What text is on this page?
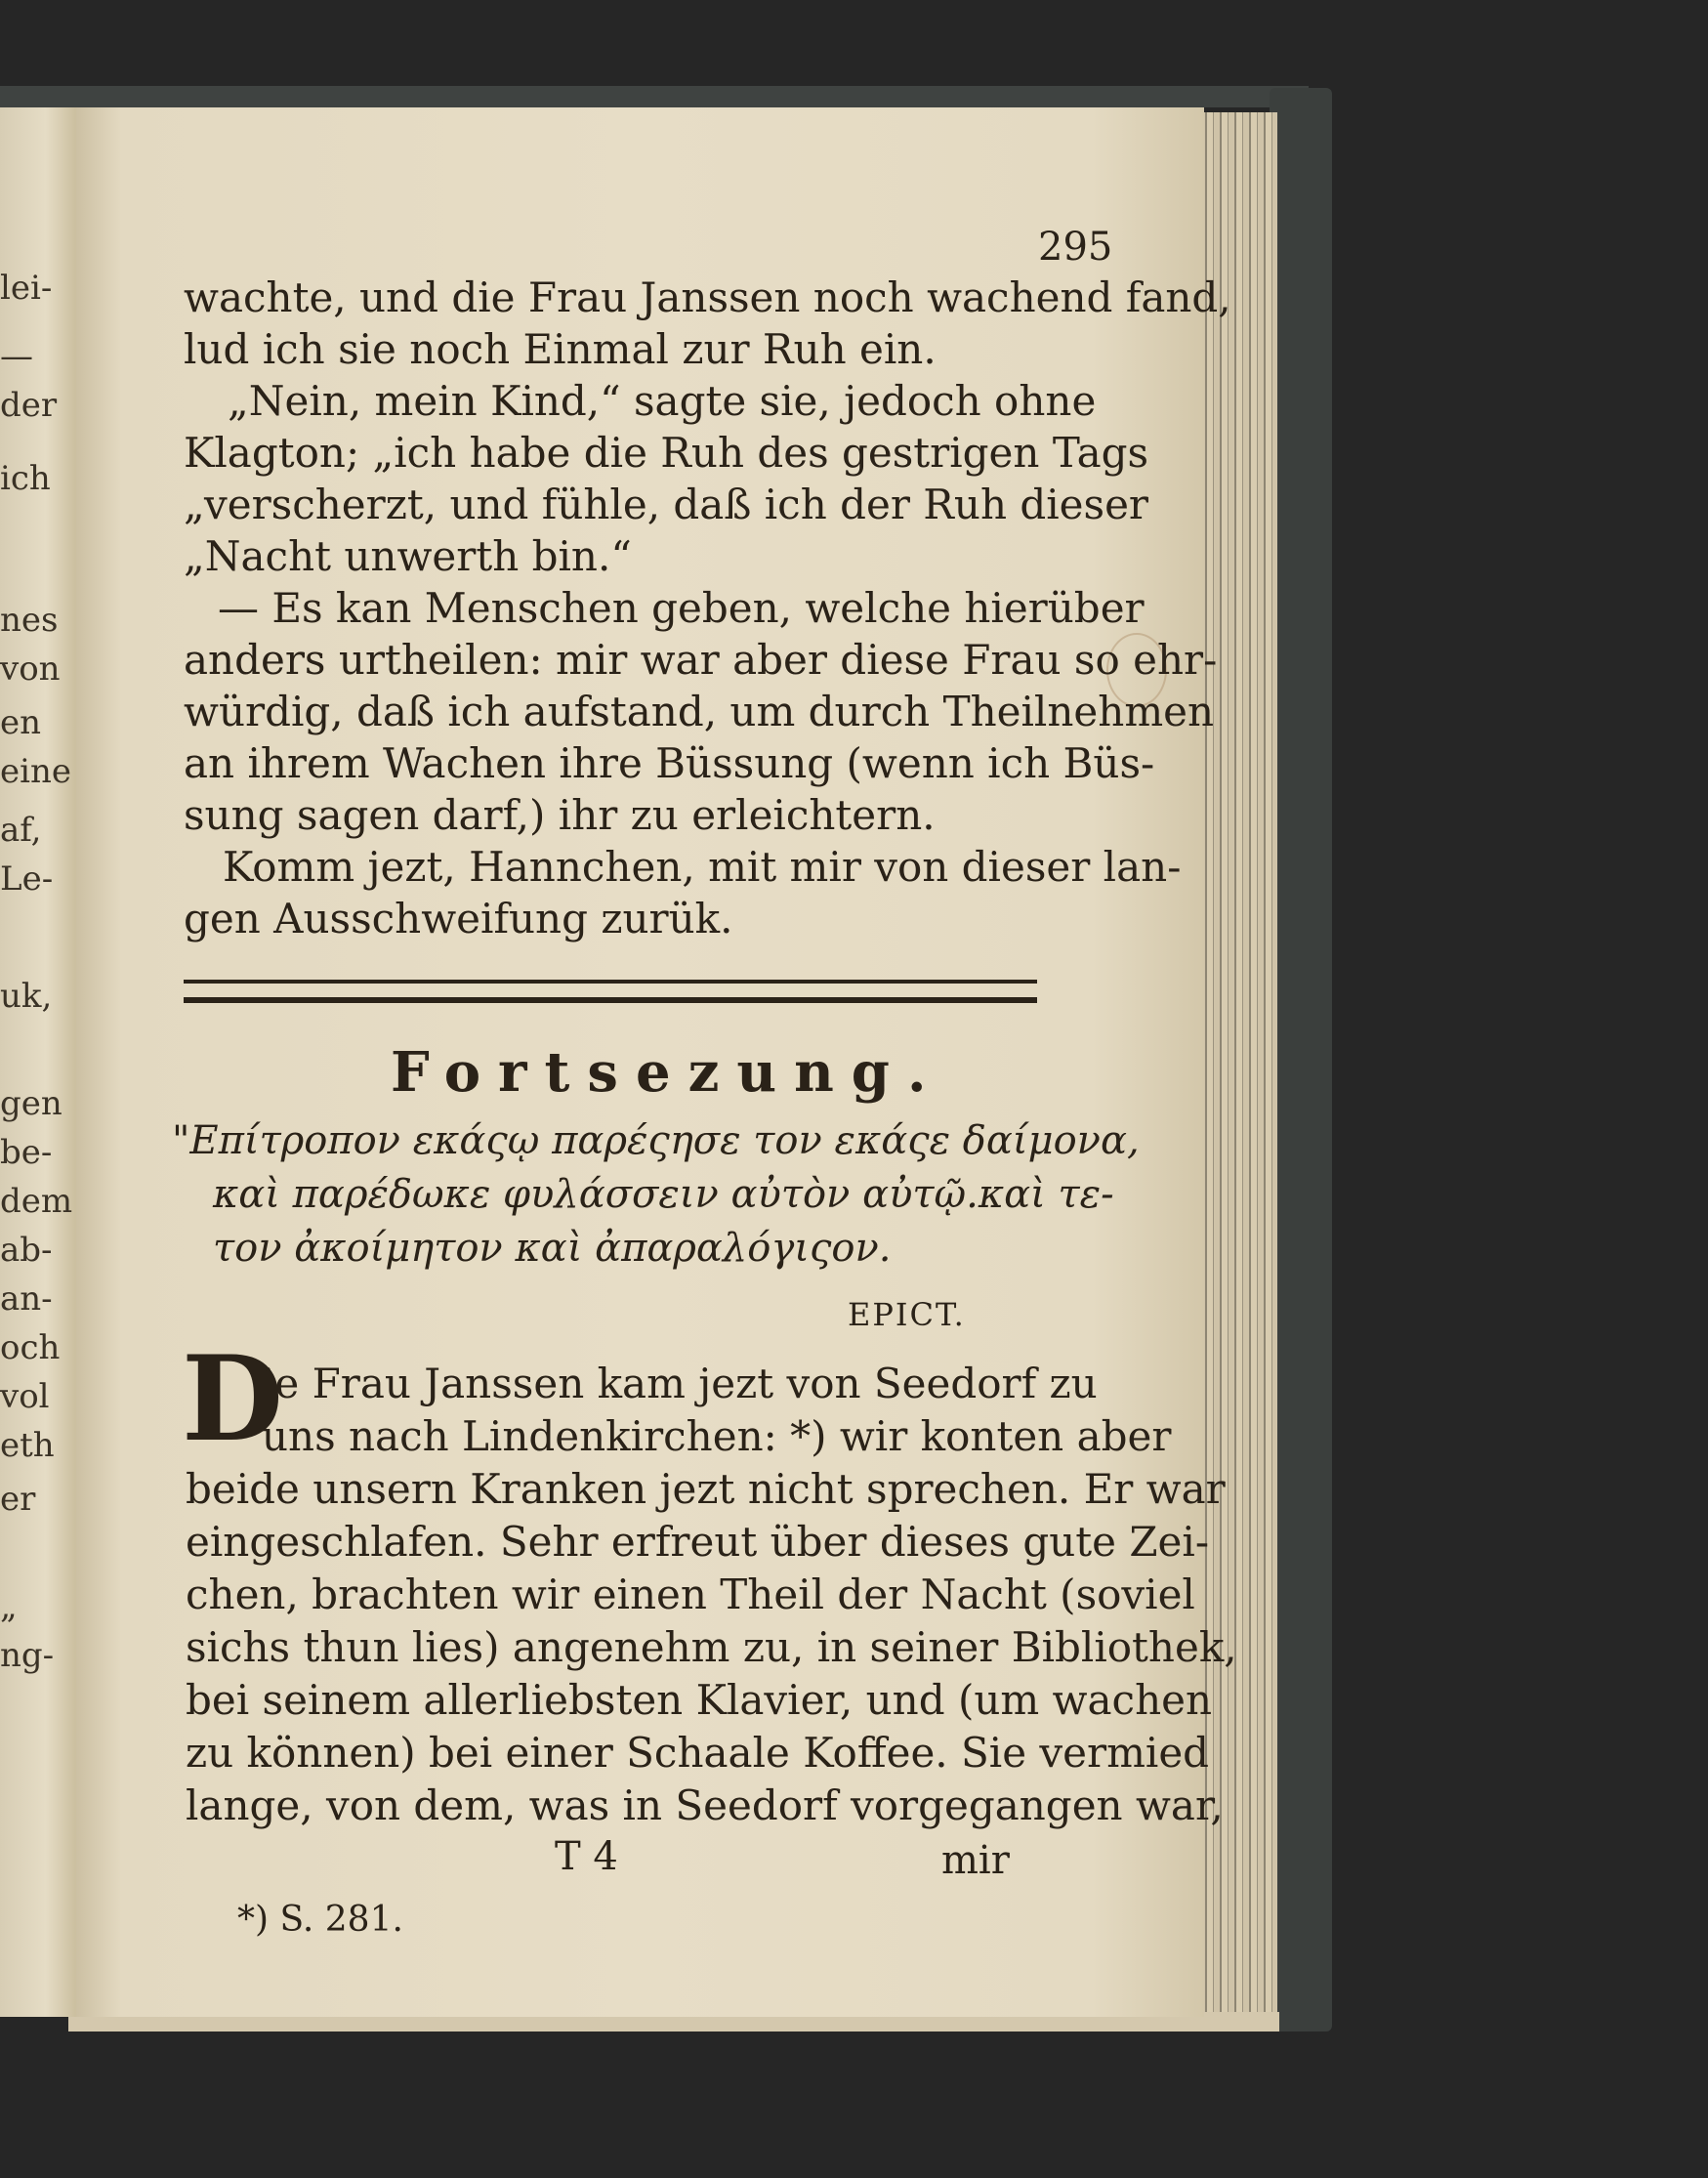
lei-
—
der
ich
nes
von
en
eine
af,
Le-
uk,
gen
be-
dem
ab-
an-
och
vol
eth
er
„
ng-
295
wachte, und die Frau Janssen noch wachend fand,
lud ich sie noch Einmal zur Ruh ein.
„Nein, mein Kind,“ sagte sie, jedoch ohne
Klagton; „ich habe die Ruh des gestrigen Tags
„verscherzt, und fühle, daß ich der Ruh dieser
„Nacht unwerth bin.“
— Es kan Menschen geben, welche hierüber
anders urtheilen: mir war aber diese Frau so ehr-
würdig, daß ich aufstand, um durch Theilnehmen
an ihrem Wachen ihre Büssung (wenn ich Büs-
sung sagen darf,) ihr zu erleichtern.
Komm jezt, Hannchen, mit mir von dieser lan-
gen Ausschweifung zurük.
Fortsezung.
"Επίτροπον εκάςῳ παρέςησε τον εκάςε δαίμονα,
καὶ παρέδωκε φυλάσσειν αὐτὸν αὐτῷ.καὶ τε-
τον ἀκοίμητον καὶ ἀπαραλόγιςον.
EPICT.
D
ie Frau Janssen kam jezt von Seedorf zu
uns nach Lindenkirchen: *) wir konten aber
beide unsern Kranken jezt nicht sprechen. Er war
eingeschlafen. Sehr erfreut über dieses gute Zei-
chen, brachten wir einen Theil der Nacht (soviel
sichs thun lies) angenehm zu, in seiner Bibliothek,
bei seinem allerliebsten Klavier, und (um wachen
zu können) bei einer Schaale Koffee. Sie vermied
lange, von dem, was in Seedorf vorgegangen war,
T 4	mir
*) S. 281.
